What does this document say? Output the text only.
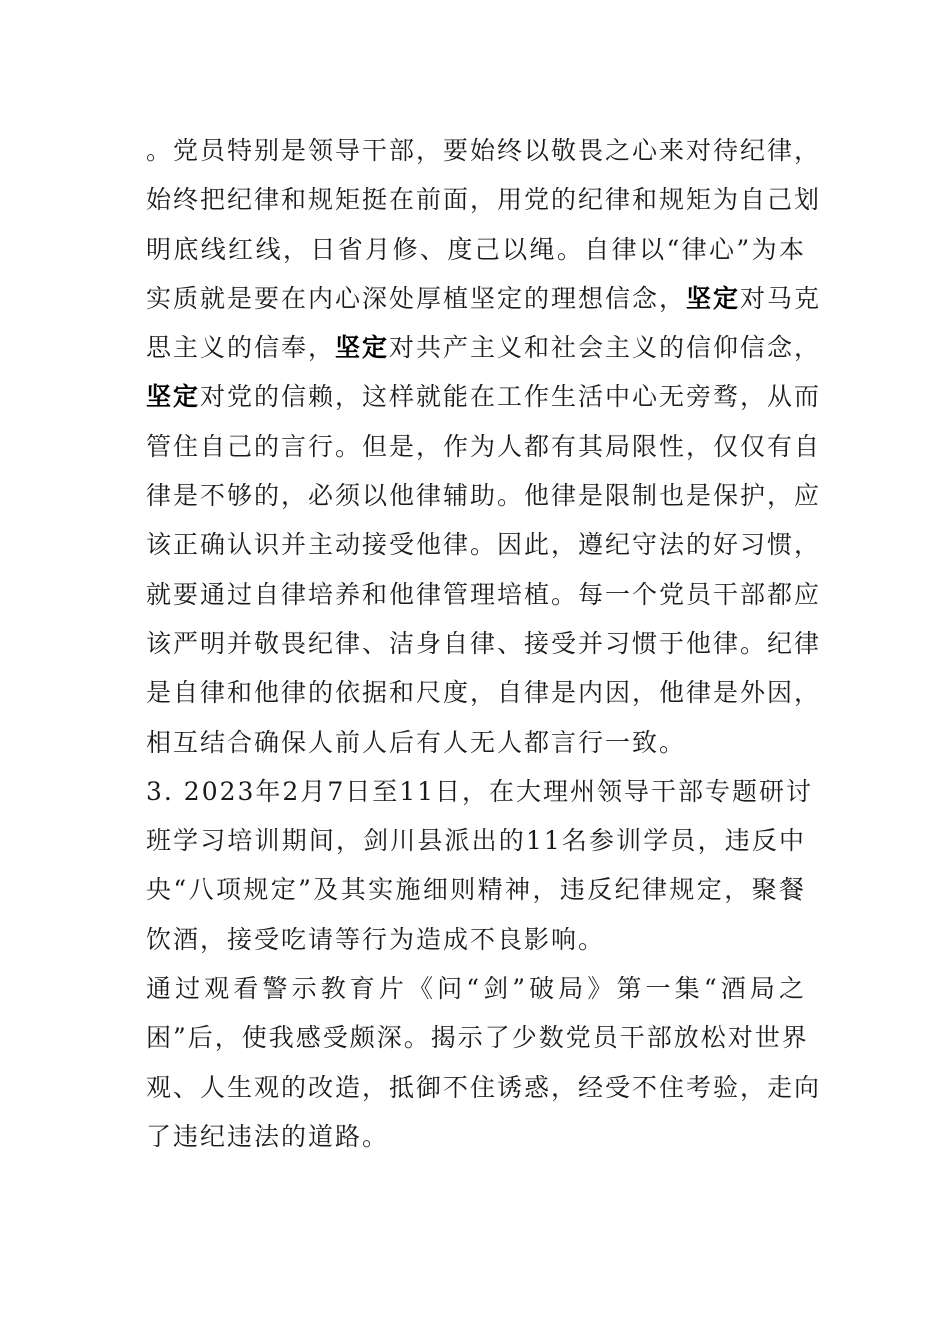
。党员特别是领导干部，要始终以敬畏之心来对待纪律，
始终把纪律和规矩挺在前面，用党的纪律和规矩为自己划
明底线红线，日省月修、度己以绳。自律以“律心”为本
实质就是要在内心深处厚植坚定的理想信念，坚定对马克
思主义的信奉，坚定对共产主义和社会主义的信仰信念，
坚定对党的信赖，这样就能在工作生活中心无旁骛，从而
管住自己的言行。但是，作为人都有其局限性，仅仅有自
律是不够的，必须以他律辅助。他律是限制也是保护，应
该正确认识并主动接受他律。因此，遵纪守法的好习惯，
就要通过自律培养和他律管理培植。每一个党员干部都应
该严明并敬畏纪律、洁身自律、接受并习惯于他律。纪律
是自律和他律的依据和尺度，自律是内因，他律是外因，
相互结合确保人前人后有人无人都言行一致。
3. 2023年2月7日至11日，在大理州领导干部专题研讨
班学习培训期间，剑川县派出的11名参训学员，违反中
央“八项规定”及其实施细则精神，违反纪律规定，聚餐
饮酒，接受吃请等行为造成不良影响。
通过观看警示教育片《问“剑”破局》第一集“酒局之
困”后，使我感受颇深。揭示了少数党员干部放松对世界
观、人生观的改造，抵御不住诱惑，经受不住考验，走向
了违纪违法的道路。
